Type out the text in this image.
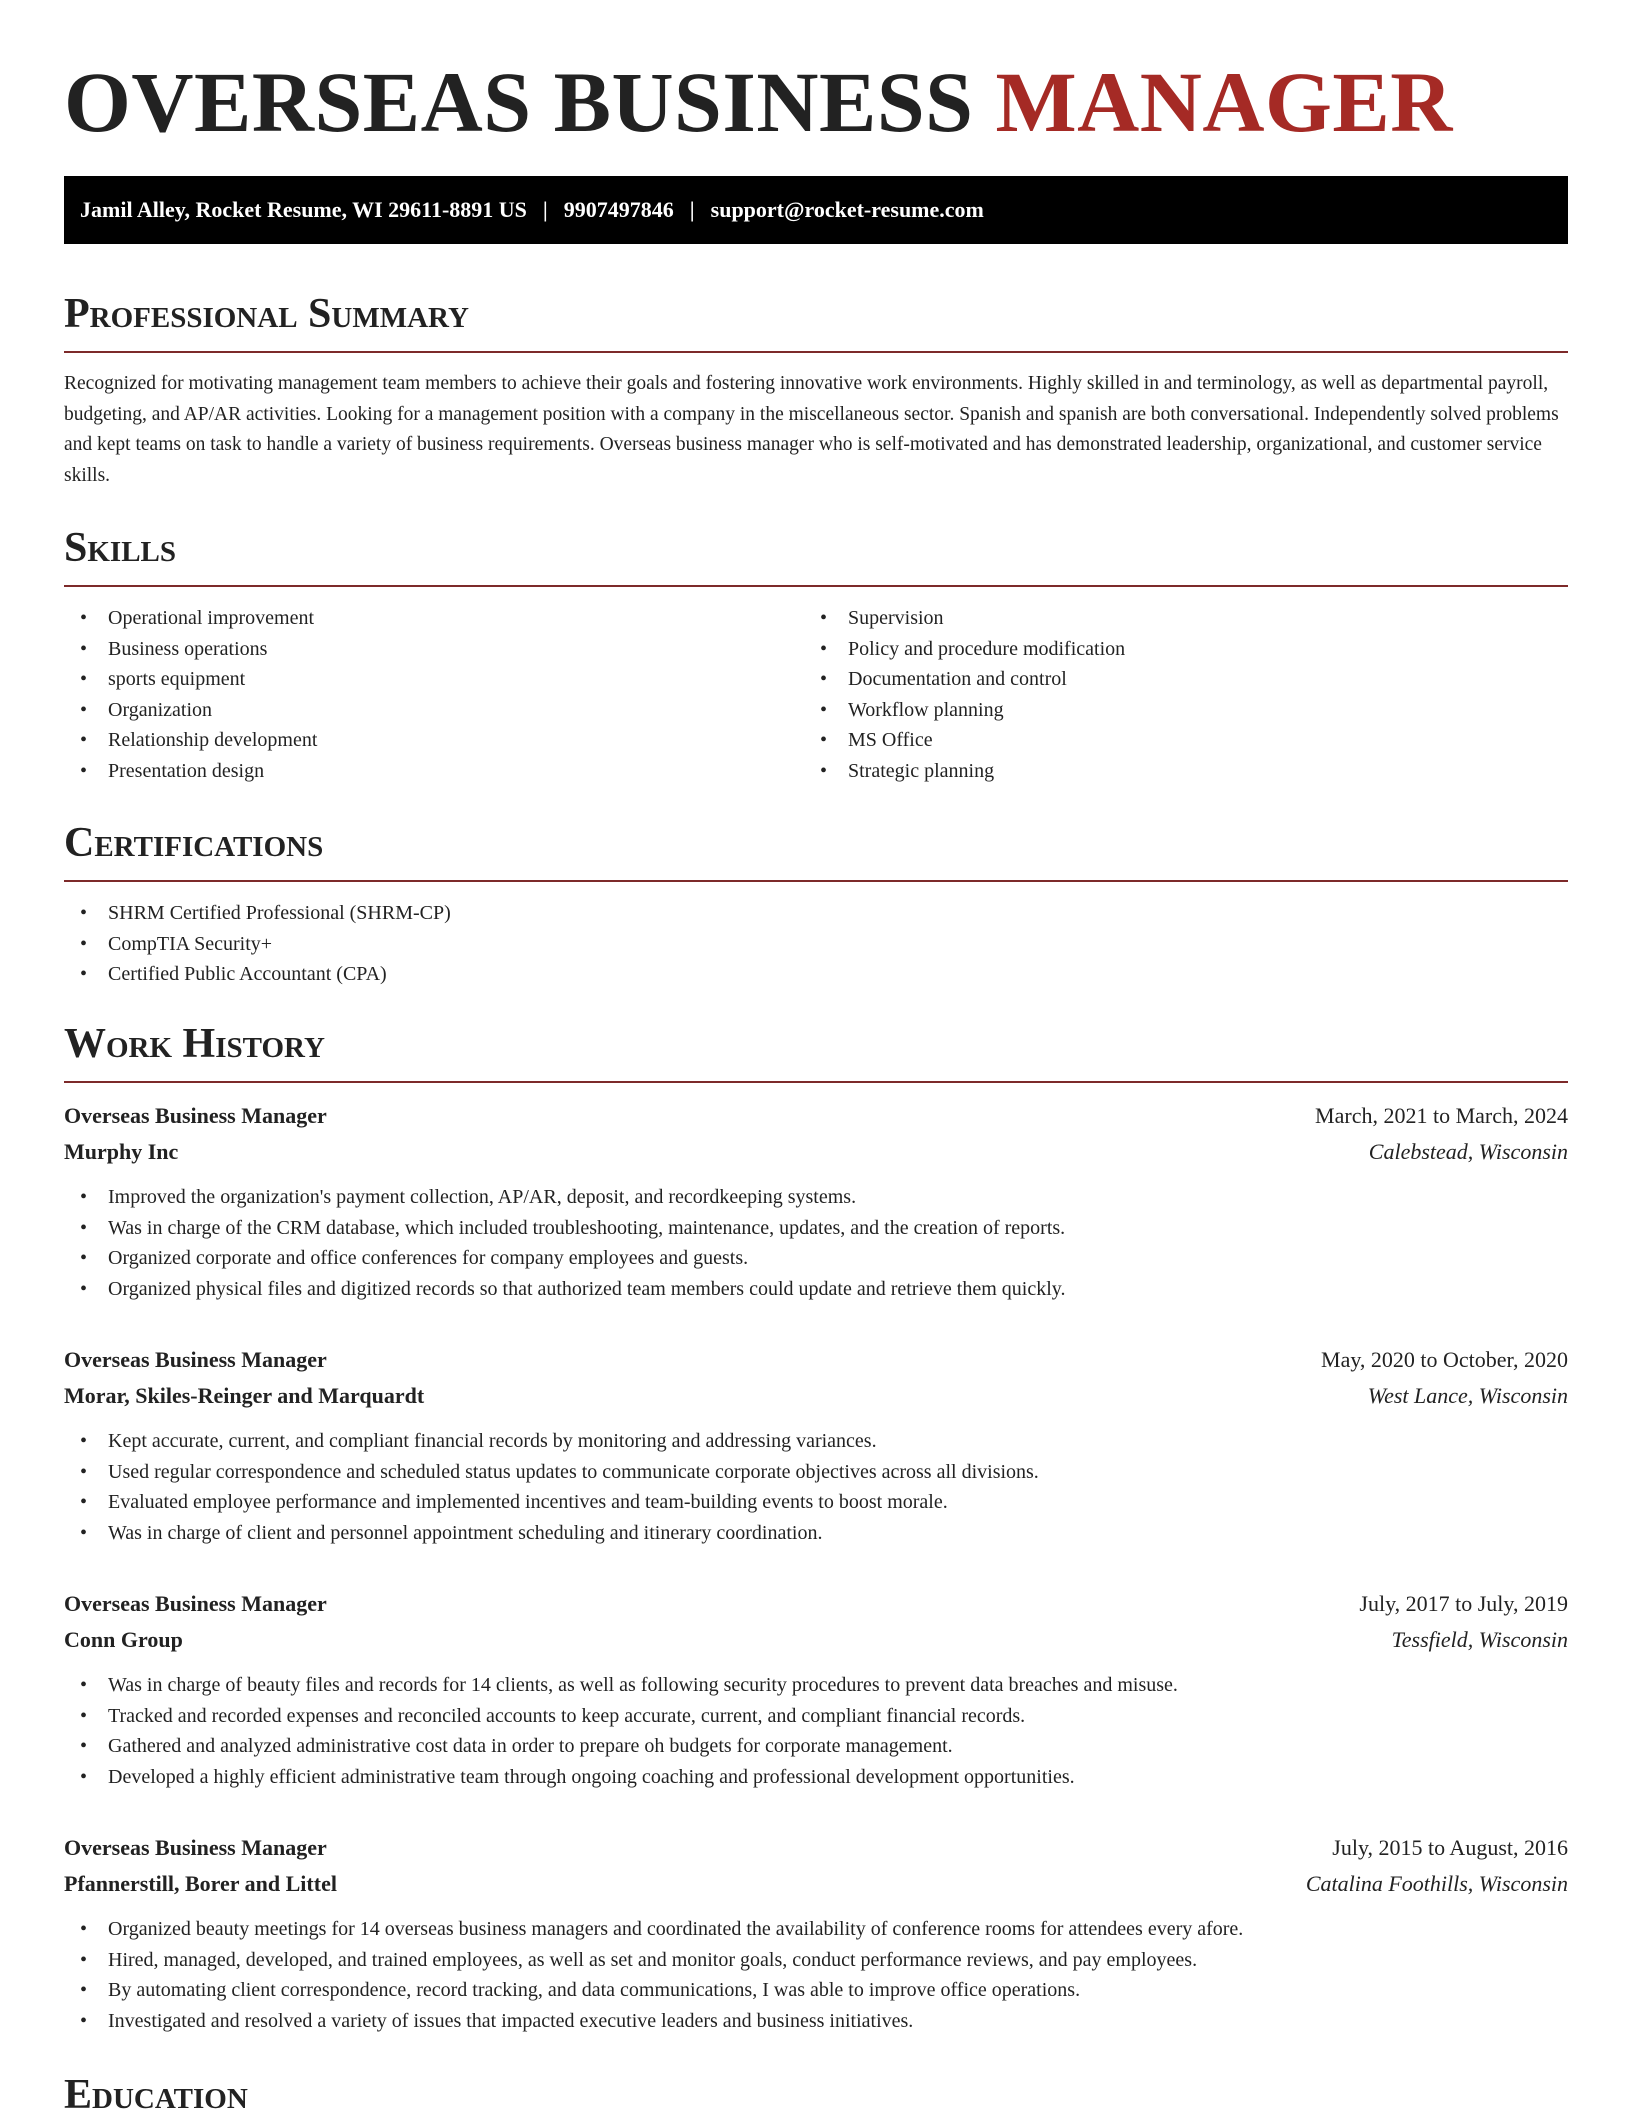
OVERSEAS BUSINESS MANAGER
Jamil Alley, Rocket Resume, WI 29611-8891 US | 9907497846 | support@rocket-resume.com
Professional Summary

Recognized for motivating management team members to achieve their goals and fostering innovative work environments. Highly skilled in and terminology, as well as departmental payroll, budgeting, and AP/AR activities. Looking for a management position with a company in the miscellaneous sector. Spanish and spanish are both conversational. Independently solved problems and kept teams on task to handle a variety of business requirements. Overseas business manager who is self-motivated and has demonstrated leadership, organizational, and customer service skills.

Skills
• Operational improvement
• Business operations
• sports equipment
• Organization
• Relationship development
• Presentation design
• Supervision
• Policy and procedure modification
• Documentation and control
• Workflow planning
• MS Office
• Strategic planning
Certifications
• SHRM Certified Professional (SHRM-CP)
• CompTIA Security+
• Certified Public Accountant (CPA)
Work History
Overseas Business Manager	March, 2021 to March, 2024
Murphy Inc	Calebstead, Wisconsin
• Improved the organization's payment collection, AP/AR, deposit, and recordkeeping systems.
• Was in charge of the CRM database, which included troubleshooting, maintenance, updates, and the creation of reports.
• Organized corporate and office conferences for company employees and guests.
• Organized physical files and digitized records so that authorized team members could update and retrieve them quickly.
Overseas Business Manager	May, 2020 to October, 2020
Morar, Skiles-Reinger and Marquardt	West Lance, Wisconsin
• Kept accurate, current, and compliant financial records by monitoring and addressing variances.
• Used regular correspondence and scheduled status updates to communicate corporate objectives across all divisions.
• Evaluated employee performance and implemented incentives and team-building events to boost morale.
• Was in charge of client and personnel appointment scheduling and itinerary coordination.
Overseas Business Manager	July, 2017 to July, 2019
Conn Group	Tessfield, Wisconsin
• Was in charge of beauty files and records for 14 clients, as well as following security procedures to prevent data breaches and misuse.
• Tracked and recorded expenses and reconciled accounts to keep accurate, current, and compliant financial records.
• Gathered and analyzed administrative cost data in order to prepare oh budgets for corporate management.
• Developed a highly efficient administrative team through ongoing coaching and professional development opportunities.
Overseas Business Manager	July, 2015 to August, 2016
Pfannerstill, Borer and Littel	Catalina Foothills, Wisconsin
• Organized beauty meetings for 14 overseas business managers and coordinated the availability of conference rooms for attendees every afore.
• Hired, managed, developed, and trained employees, as well as set and monitor goals, conduct performance reviews, and pay employees.
• By automating client correspondence, record tracking, and data communications, I was able to improve office operations.
• Investigated and resolved a variety of issues that impacted executive leaders and business initiatives.
Education
